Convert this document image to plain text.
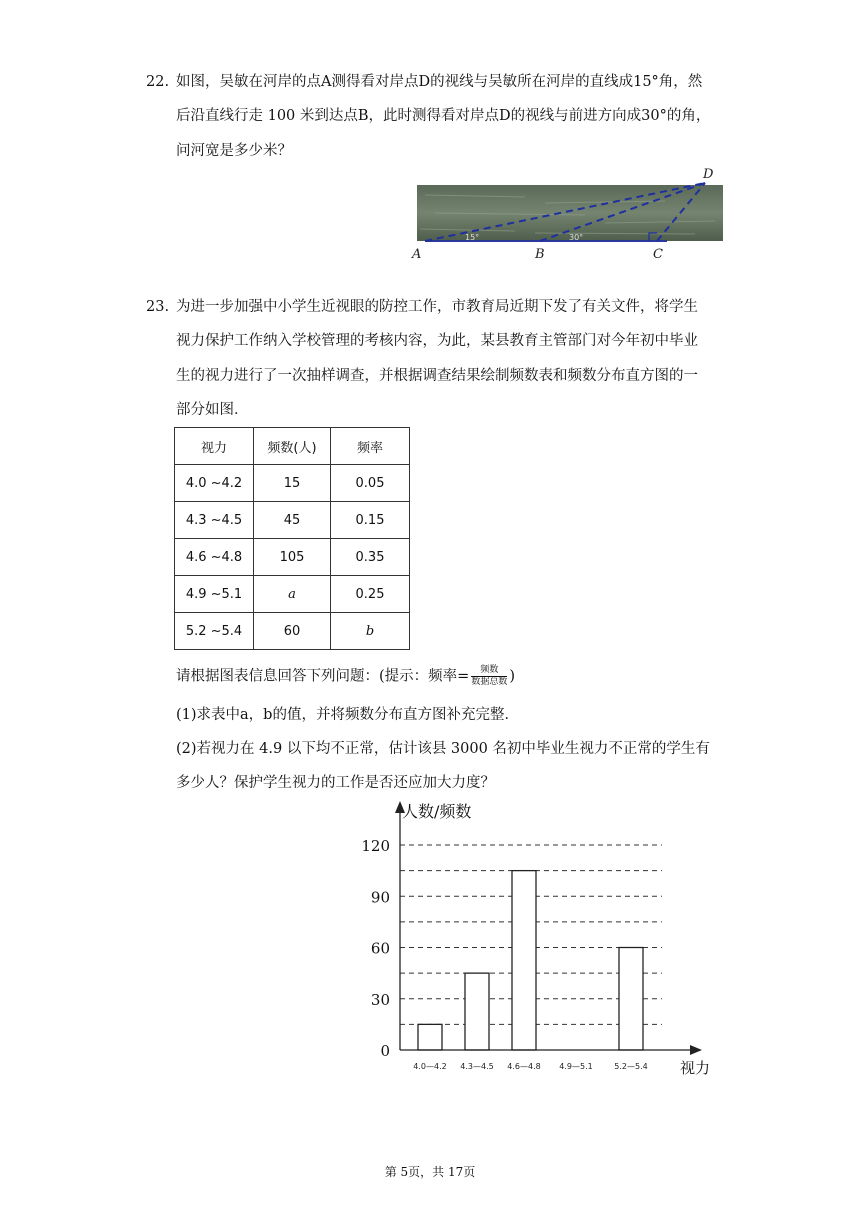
22. 如图，吴敏在河岸的点A测得看对岸点D的视线与吴敏所在河岸的直线成15°角，然
后沿直线行走 100 米到达点B，此时测得看对岸点D的视线与前进方向成30°的角，
问河宽是多少米？
15°	30°
A	B	C
D
23. 为进一步加强中小学生近视眼的防控工作，市教育局近期下发了有关文件，将学生
视力保护工作纳入学校管理的考核内容，为此，某县教育主管部门对今年初中毕业
生的视力进行了一次抽样调查，并根据调查结果绘制频数表和频数分布直方图的一
部分如图．
视力	频数(人)	频率
4.0 ~4.2	15	0.05
4.3 ~4.5	45	0.15
4.6 ~4.8	105	0.35
4.9 ~5.1	a	0.25
5.2 ~5.4	60	b
请根据图表信息回答下列问题：(提示：频率= $\frac{\text{频数}}{\text{数据总数}}$ )
(1)求表中a，b的值，并将频数分布直方图补充完整．
(2)若视力在 4.9 以下均不正常，估计该县 3000 名初中毕业生视力不正常的学生有
多少人？保护学生视力的工作是否还应加大力度？
0
30
60
90
120
4.0—4.2 4.3—4.5 4.6—4.8 4.9—5.1	5.2—5.4
人数/频数
视力
第 5页，共 17页
